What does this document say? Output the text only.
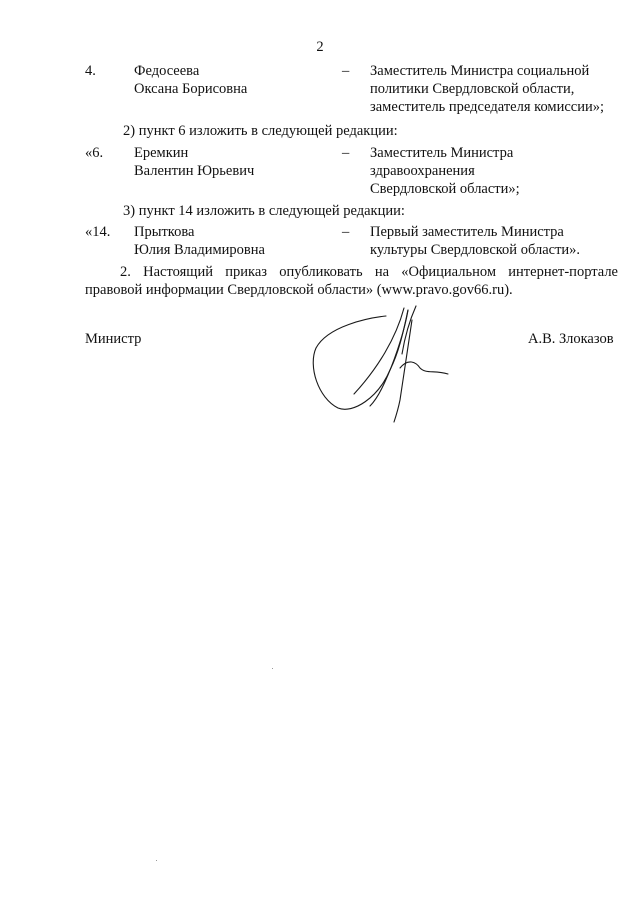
2
4.	Федосеева
Оксана Борисовна
– Заместитель Министра социальной
политики Свердловской области,
заместитель председателя комиссии»;
2) пункт 6 изложить в следующей редакции:
«6. Еремкин
Валентин Юрьевич
– Заместитель Министра
здравоохранения
Свердловской области»;
3) пункт 14 изложить в следующей редакции:
«14. Прыткова
Юлия Владимировна
– Первый заместитель Министра
культуры Свердловской области».
2. Настоящий приказ опубликовать на «Официальном интернет-портале правовой информации Свердловской области» (www.pravo.gov66.ru).
Министр	А.В. Злоказов
